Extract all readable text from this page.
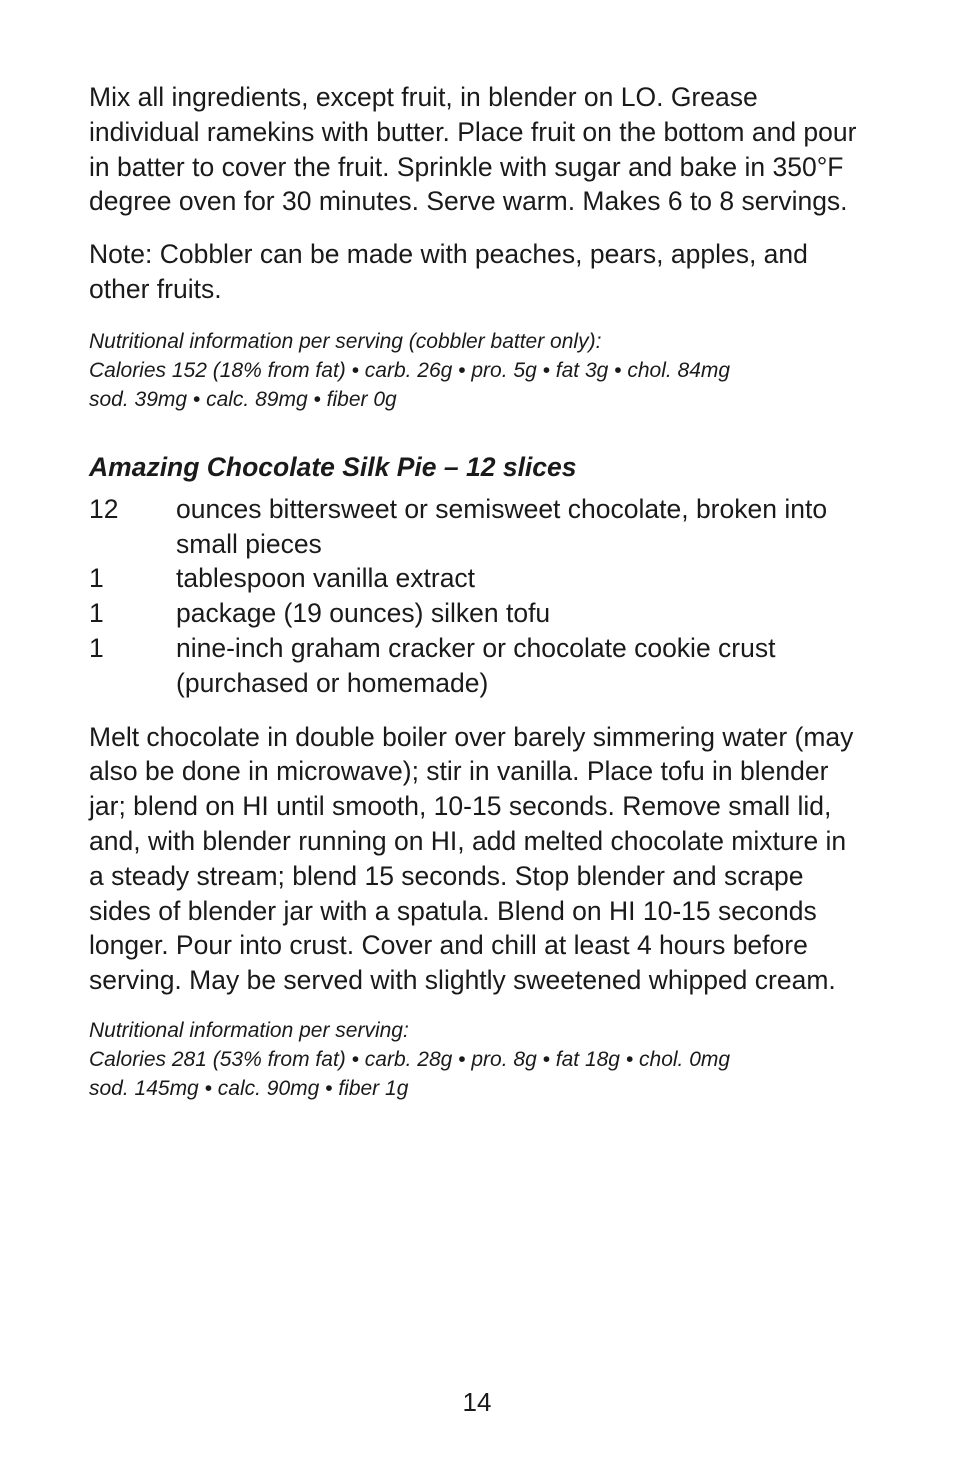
Mix all ingredients, except fruit, in blender on LO. Grease individual ramekins with butter. Place fruit on the bottom and pour in batter to cover the fruit. Sprinkle with sugar and bake in 350°F degree oven for 30 minutes. Serve warm. Makes 6 to 8 servings.

Note: Cobbler can be made with peaches, pears, apples, and other fruits.

Nutritional information per serving (cobbler batter only):
Calories 152 (18% from fat) • carb. 26g • pro. 5g • fat 3g • chol. 84mg
sod. 39mg • calc. 89mg • fiber 0g
Amazing Chocolate Silk Pie – 12 slices
12	ounces bittersweet or semisweet chocolate, broken into small pieces
1	tablespoon vanilla extract
1	package (19 ounces) silken tofu
1	nine-inch graham cracker or chocolate cookie crust (purchased or homemade)

Melt chocolate in double boiler over barely simmering water (may also be done in microwave); stir in vanilla. Place tofu in blender jar; blend on HI until smooth, 10-15 seconds. Remove small lid, and, with blender running on HI, add melted chocolate mixture in a steady stream; blend 15 seconds. Stop blender and scrape sides of blender jar with a spatula. Blend on HI 10-15 seconds longer. Pour into crust. Cover and chill at least 4 hours before serving. May be served with slightly sweetened whipped cream.

Nutritional information per serving:
Calories 281 (53% from fat) • carb. 28g • pro. 8g • fat 18g • chol. 0mg
sod. 145mg • calc. 90mg • fiber 1g
14
